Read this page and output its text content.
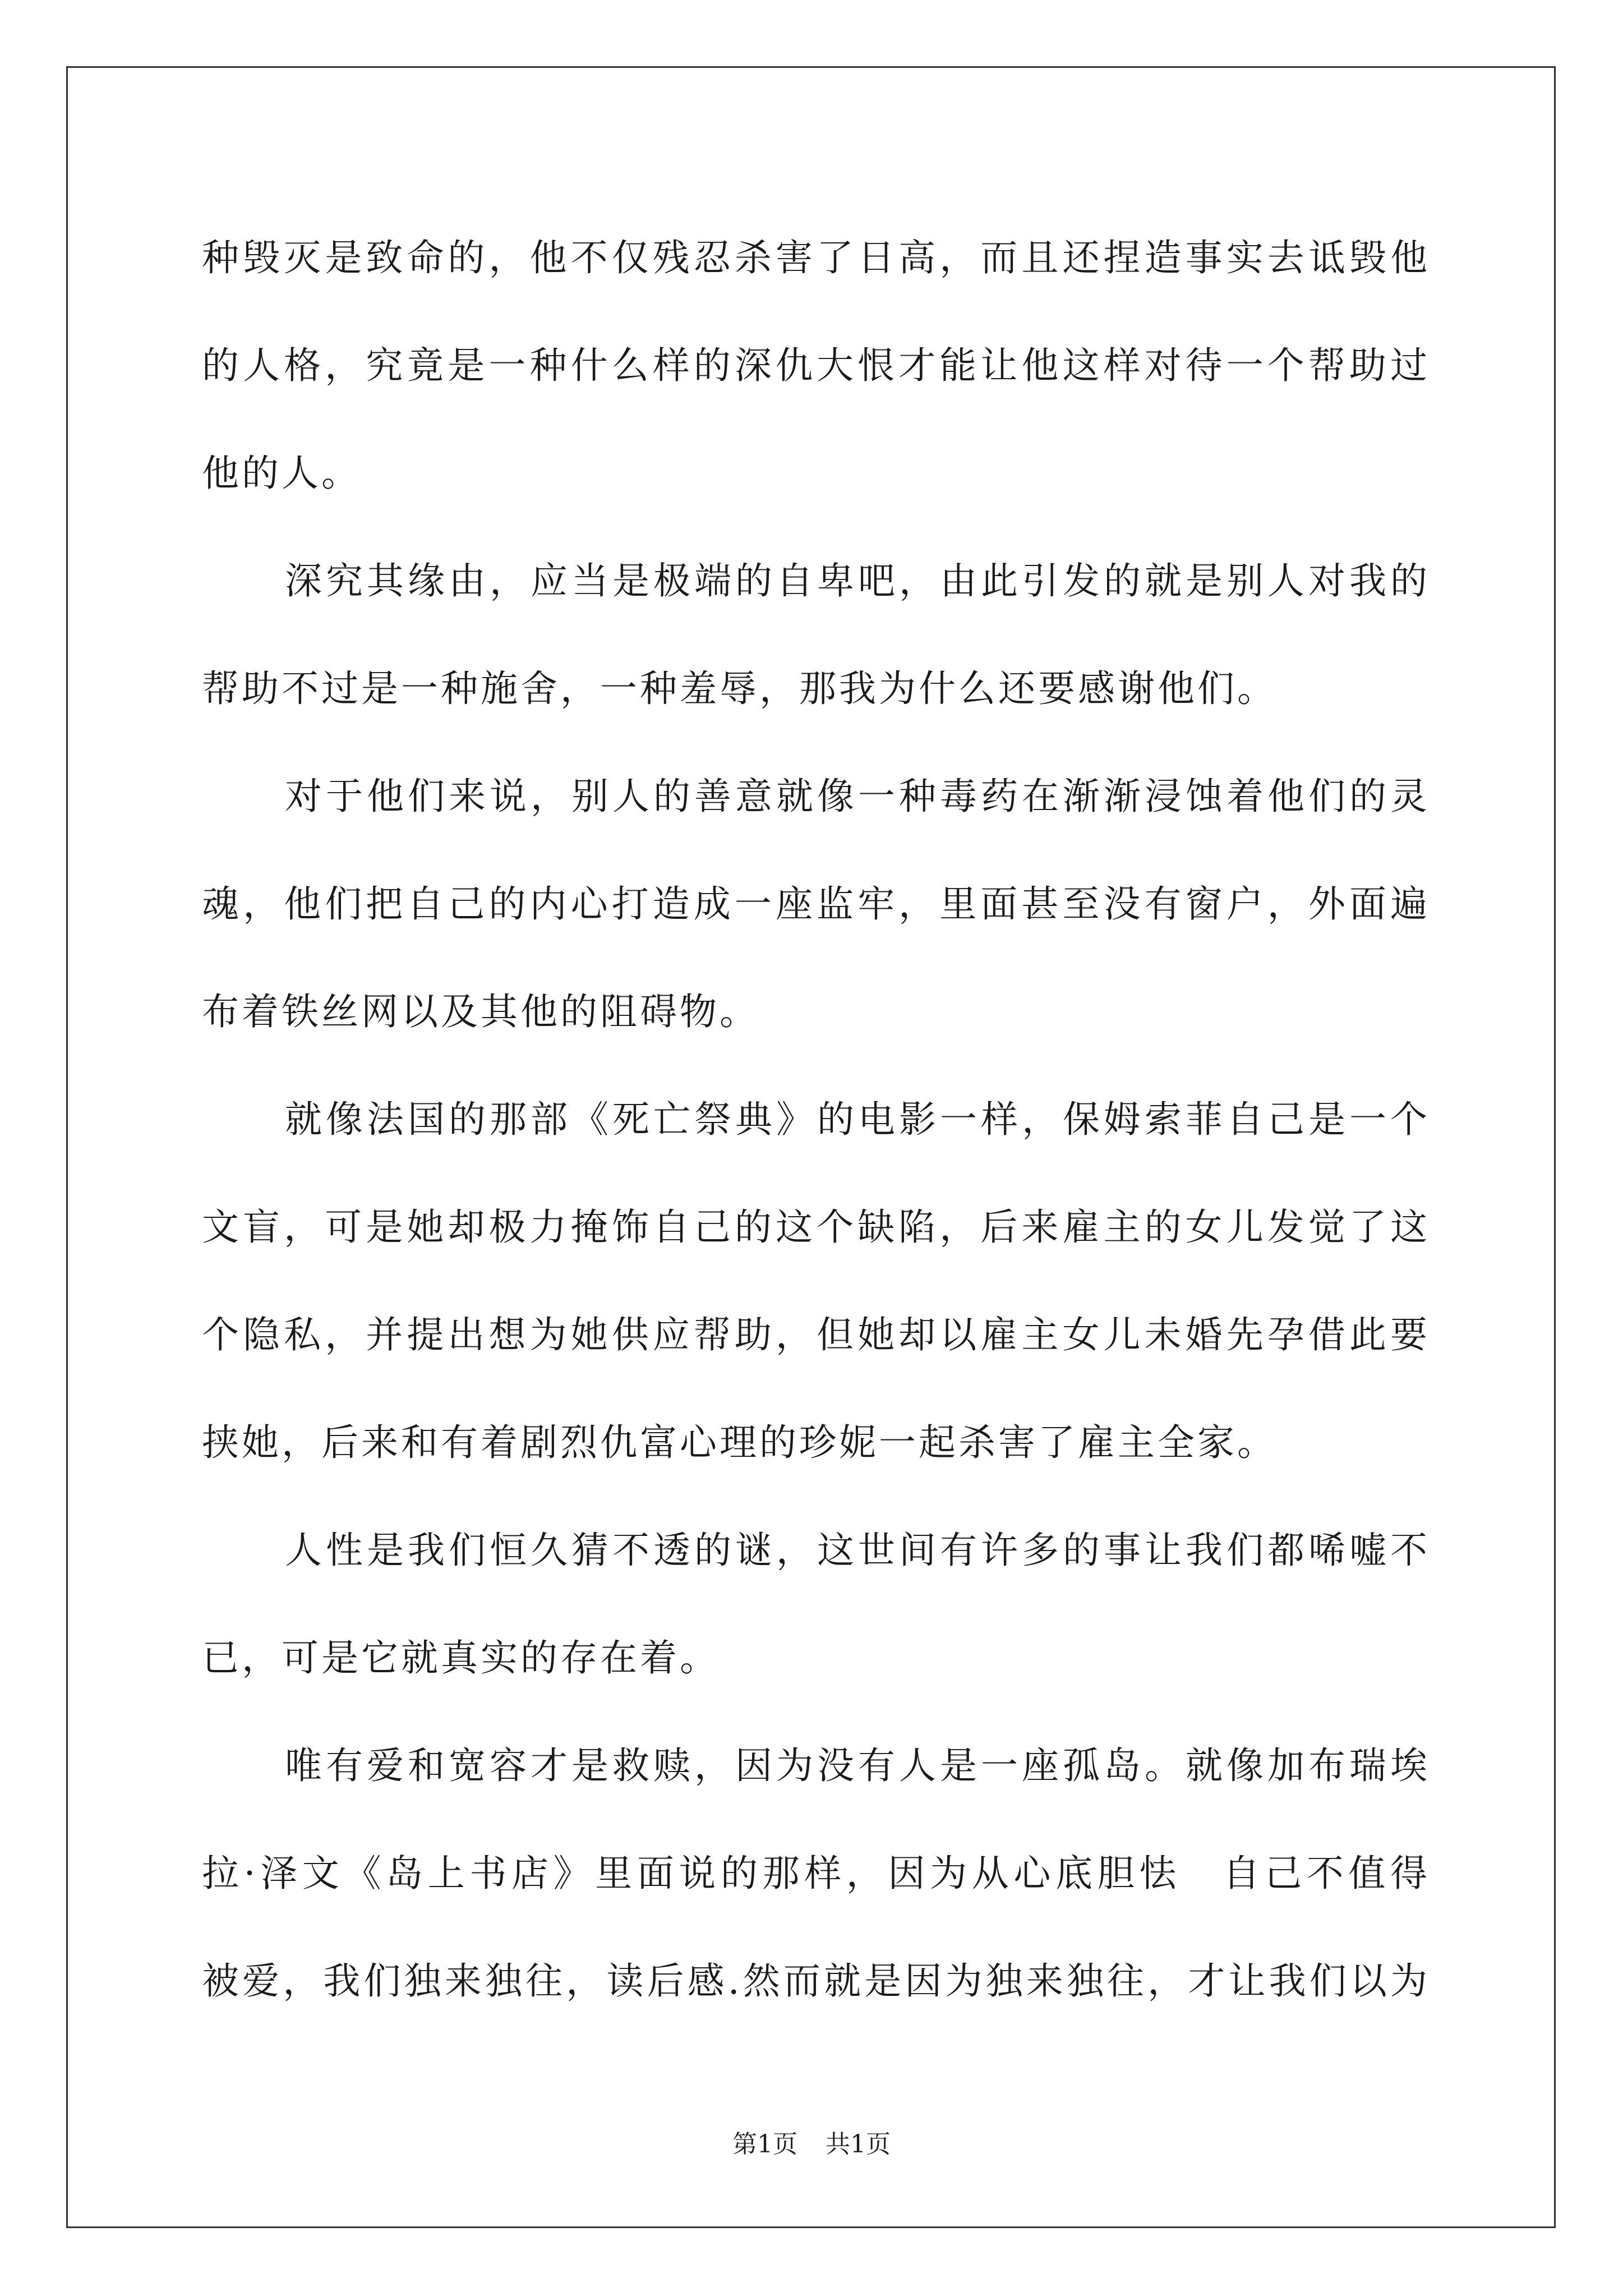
种毁灭是致命的，他不仅残忍杀害了日高，而且还捏造事实去诋毁他
的人格，究竟是一种什么样的深仇大恨才能让他这样对待一个帮助过
他的人。
深究其缘由，应当是极端的自卑吧，由此引发的就是别人对我的
帮助不过是一种施舍，一种羞辱，那我为什么还要感谢他们。
对于他们来说，别人的善意就像一种毒药在渐渐浸蚀着他们的灵
魂，他们把自己的内心打造成一座监牢，里面甚至没有窗户，外面遍
布着铁丝网以及其他的阻碍物。
就像法国的那部《死亡祭典》的电影一样，保姆索菲自己是一个
文盲，可是她却极力掩饰自己的这个缺陷，后来雇主的女儿发觉了这
个隐私，并提出想为她供应帮助，但她却以雇主女儿未婚先孕借此要
挟她，后来和有着剧烈仇富心理的珍妮一起杀害了雇主全家。
人性是我们恒久猜不透的谜，这世间有许多的事让我们都唏嘘不
已，可是它就真实的存在着。
唯有爱和宽容才是救赎，因为没有人是一座孤岛。就像加布瑞埃
拉·泽文《岛上书店》里面说的那样，因为从心底胆怯　自己不值得
被爱，我们独来独往，读后感.然而就是因为独来独往，才让我们以为
第1页 共1页
